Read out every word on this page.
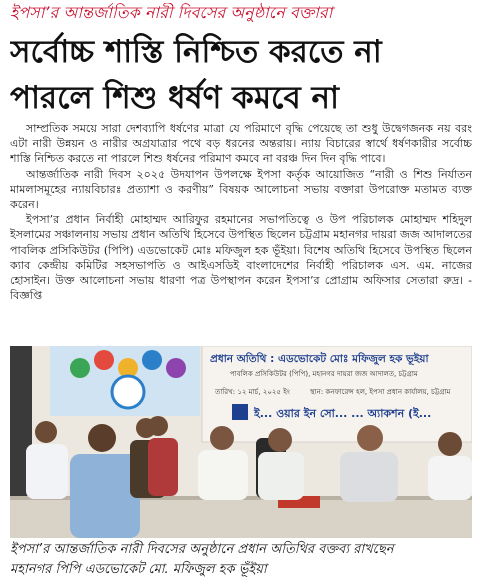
ইপসা’র আন্তর্জাতিক নারী দিবসের অনুষ্ঠানে বক্তারা
সর্বোচ্চ শাস্তি নিশ্চিত করতে না
পারলে শিশু ধর্ষণ কমবে না

সাম্প্রতিক সময়ে সারা দেশব্যাপি ধর্ষণের মাত্রা যে পরিমাণে বৃদ্ধি পেয়েছে তা শুধু উদ্বেগজনক নয় বরং এটা নারী উন্নয়ন ও নারীর অগ্রযাত্রার পথে বড় ধরনের অন্তরায়। ন্যায় বিচারের স্বার্থে ধর্ষণকারীর সর্বোচ্চ শাস্তি নিশ্চিত করতে না পারলে শিশু ধর্ষনের পরিমাণ কমবে না বরঞ্চ দিন দিন বৃদ্ধি পাবে।

আন্তর্জাতিক নারী দিবস ২০২৫ উদযাপন উপলক্ষে ইপসা কর্তৃক আয়োজিত “নারী ও শিশু নির্যাতন মামলাসমূহের ন্যায়বিচারঃ প্রত্যাশা ও করণীয়” বিষয়ক আলোচনা সভায় বক্তারা উপরোক্ত মতামত ব্যক্ত করেন।

ইপসা’র প্রধান নির্বাহী মোহাম্মদ আরিফুর রহমানের সভাপতিত্বে ও উপ পরিচালক মোহাম্মদ শহিদুল ইসলামের সঞ্চালনায় সভায় প্রধান অতিথি হিসেবে উপস্থিত ছিলেন চট্টগ্রাম মহানগর দায়রা জজ আদালতের পাবলিক প্রসিকিউটর (পিপি) এডভোকেট মোঃ মফিজুল হক ভূঁইয়া। বিশেষ অতিথি হিসেবে উপস্থিত ছিলেন ক্যাব কেন্দ্রীয় কমিটির সহসভাপতি ও আইএসডিই বাংলাদেশের নির্বাহী পরিচালক এস. এম. নাজের হোসাইন। উক্ত আলোচনা সভায় ধারণা পত্র উপস্থাপন করেন ইপসা’র প্রোগ্রাম অফিসার সেতারা রুদ্র। - বিজ্ঞপ্তি

প্রধান অতিথি : এডভোকেট মোঃ মফিজুল হক ভূইয়া
পাবলিক প্রসিকিউটর (পিপি), মহানগর দায়রা জজ আদালত, চট্টগ্রাম
তারিখ: ১২ মার্চ, ২০২৫ ইং	স্থান: কনফারেন্স হল, ইপসা প্রধান কার্যালয়, চট্টগ্রাম
ই... ওয়ার ইন সো... ... অ্যাকশন (ই...
ইপসা’র আন্তর্জাতিক নারী দিবসের অনুষ্ঠানে প্রধান অতিথির বক্তব্য রাখছেন
মহানগর পিপি এডভোকেট মো. মফিজুল হক ভূঁইয়া
